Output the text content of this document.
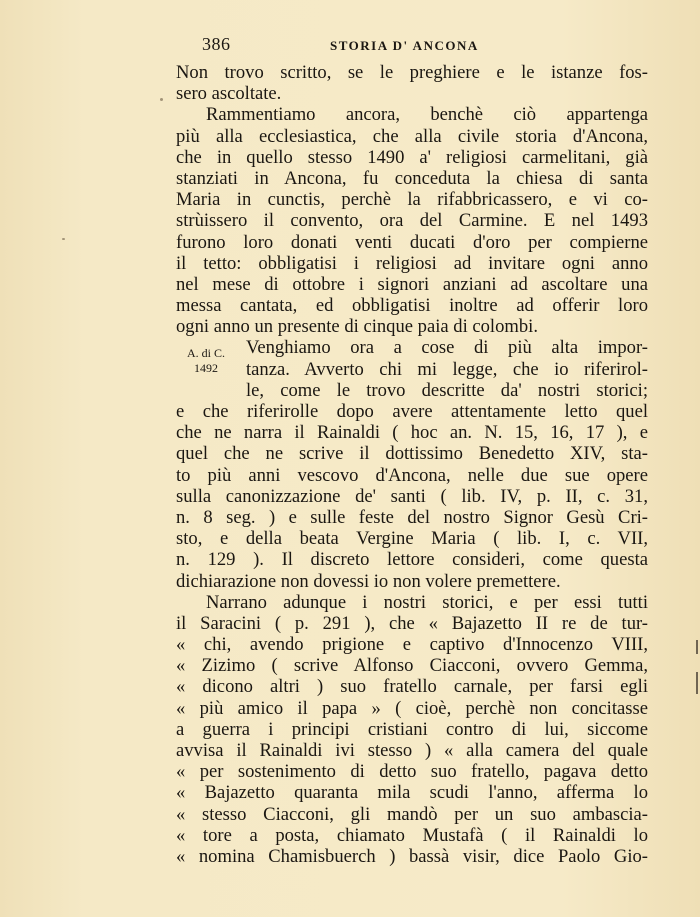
386	STORIA D' ANCONA
A. di C.
1492
Non trovo scritto, se le preghiere e le istanze fos-
sero ascoltate.
Rammentiamo ancora, benchè ciò appartenga
più alla ecclesiastica, che alla civile storia d'Ancona,
che in quello stesso 1490 a' religiosi carmelitani, già
stanziati in Ancona, fu conceduta la chiesa di santa
Maria in cunctis, perchè la rifabbricassero, e vi co-
strùissero il convento, ora del Carmine. E nel 1493
furono loro donati venti ducati d'oro per compierne
il tetto: obbligatisi i religiosi ad invitare ogni anno
nel mese di ottobre i signori anziani ad ascoltare una
messa cantata, ed obbligatisi inoltre ad offerir loro
ogni anno un presente di cinque paia di colombi.
Venghiamo ora a cose di più alta impor-
tanza. Avverto chi mi legge, che io riferirol-
le, come le trovo descritte da' nostri storici;
e che riferirolle dopo avere attentamente letto quel
che ne narra il Rainaldi ( hoc an. N. 15, 16, 17 ), e
quel che ne scrive il dottissimo Benedetto XIV, sta-
to più anni vescovo d'Ancona, nelle due sue opere
sulla canonizzazione de' santi ( lib. IV, p. II, c. 31,
n. 8 seg. ) e sulle feste del nostro Signor Gesù Cri-
sto, e della beata Vergine Maria ( lib. I, c. VII,
n. 129 ). Il discreto lettore consideri, come questa
dichiarazione non dovessi io non volere premettere.
Narrano adunque i nostri storici, e per essi tutti
il Saracini ( p. 291 ), che « Bajazetto II re de tur-
« chi, avendo prigione e captivo d'Innocenzo VIII,
« Zizimo ( scrive Alfonso Ciacconi, ovvero Gemma,
« dicono altri ) suo fratello carnale, per farsi egli
« più amico il papa » ( cioè, perchè non concitasse
a guerra i principi cristiani contro di lui, siccome
avvisa il Rainaldi ivi stesso ) « alla camera del quale
« per sostenimento di detto suo fratello, pagava detto
« Bajazetto quaranta mila scudi l'anno, afferma lo
« stesso Ciacconi, gli mandò per un suo ambascia-
« tore a posta, chiamato Mustafà ( il Rainaldi lo
« nomina Chamisbuerch ) bassà visir, dice Paolo Gio-
